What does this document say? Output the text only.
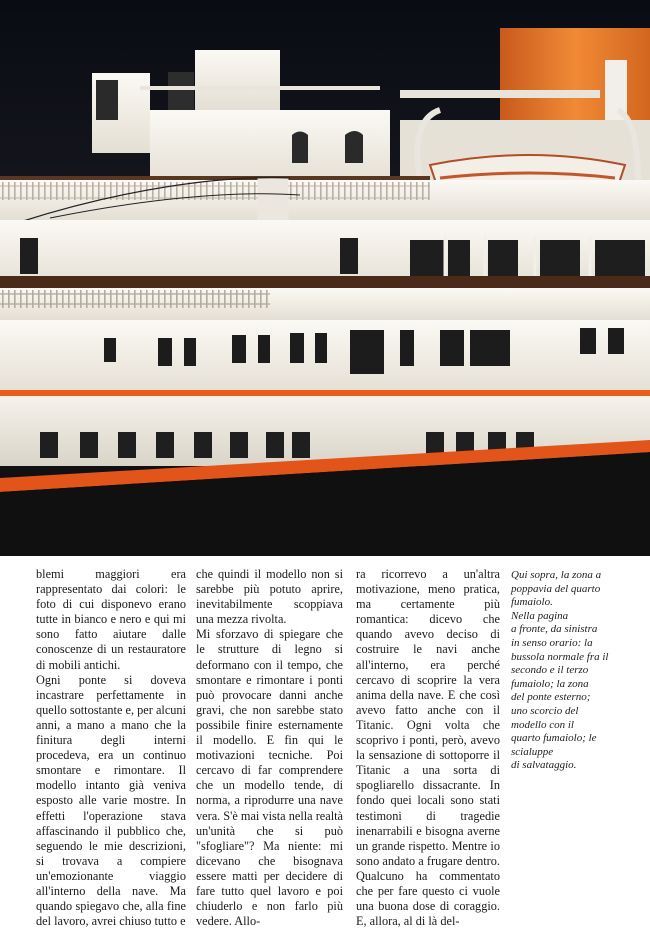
blemi maggiori era rappresentato dai colori: le foto di cui disponevo erano tutte in bianco e nero e qui mi sono fatto aiutare dalle conoscenze di un restauratore di mobili antichi.

Ogni ponte si doveva incastrare perfettamente in quello sottostante e, per alcuni anni, a mano a mano che la finitura degli interni procedeva, era un continuo smontare e rimontare. Il modello intanto già veniva esposto alle varie mostre. In effetti l'operazione stava affascinando il pubblico che, seguendo le mie descrizioni, si trovava a compiere un'emozionante viaggio all'interno della nave. Ma quando spiegavo che, alla fine del lavoro, avrei chiuso tutto e

che quindi il modello non si sarebbe più potuto aprire, inevitabilmente scoppiava una mezza rivolta.

Mi sforzavo di spiegare che le strutture di legno si deformano con il tempo, che smontare e rimontare i ponti può provocare danni anche gravi, che non sarebbe stato possibile finire esternamente il modello. E fin qui le motivazioni tecniche. Poi cercavo di far comprendere che un modello tende, di norma, a riprodurre una nave vera. S'è mai vista nella realtà un'unità che si può "sfogliare"? Ma niente: mi dicevano che bisognava essere matti per decidere di fare tutto quel lavoro e poi chiuderlo e non farlo più vedere. Allo-

ra ricorrevo a un'altra motivazione, meno pratica, ma certamente più romantica: dicevo che quando avevo deciso di costruire le navi anche all'interno, era perché cercavo di scoprire la vera anima della nave. E che così avevo fatto anche con il Titanic. Ogni volta che scoprivo i ponti, però, avevo la sensazione di sottoporre il Titanic a una sorta di spogliarello dissacrante. In fondo quei locali sono stati testimoni di tragedie inenarrabili e bisogna averne un grande rispetto. Mentre io sono andato a frugare dentro. Qualcuno ha commentato che per fare questo ci vuole una buona dose di coraggio. E, allora, al di là del-

Qui sopra, la zona a

poppavia del quarto

fumaiolo.

Nella pagina

a fronte, da sinistra

in senso orario: la

bussola normale fra il

secondo e il terzo

fumaiolo; la zona

del ponte esterno;

uno scorcio del

modello con il

quarto fumaiolo; le

scialuppe

di salvataggio.
